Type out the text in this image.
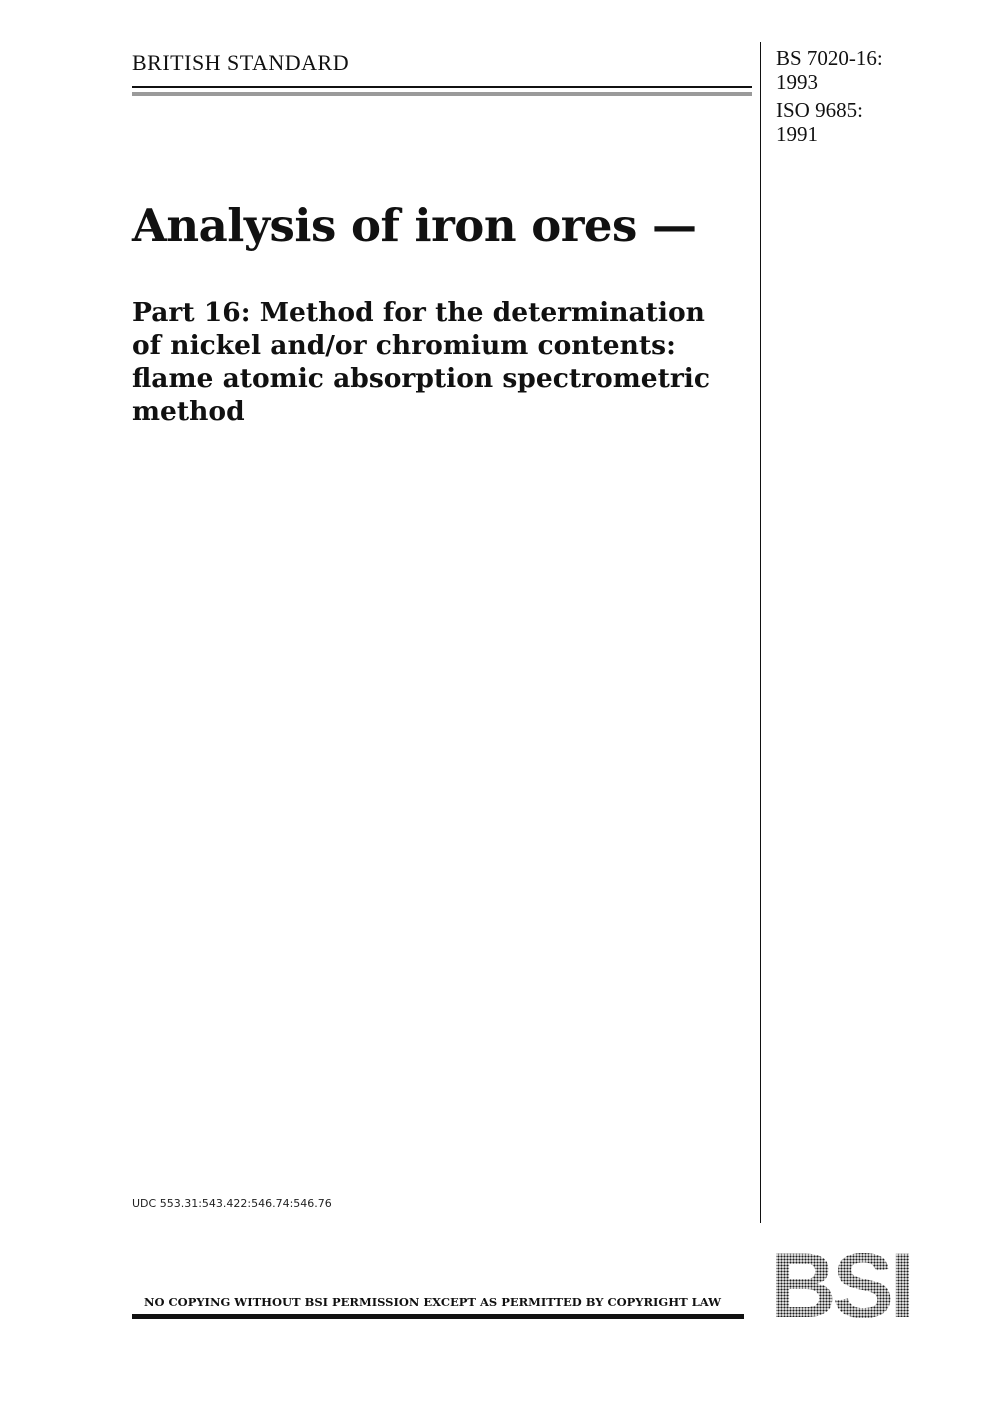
BRITISH STANDARD	BS 7020-16:
1993
ISO 9685:
1991
Analysis of iron ores —
Part 16: Method for the determination
of nickel and/or chromium contents:
flame atomic absorption spectrometric
method
UDC 553.31:543.422:546.74:546.76
NO COPYING WITHOUT BSI PERMISSION EXCEPT AS PERMITTED BY COPYRIGHT LAW
